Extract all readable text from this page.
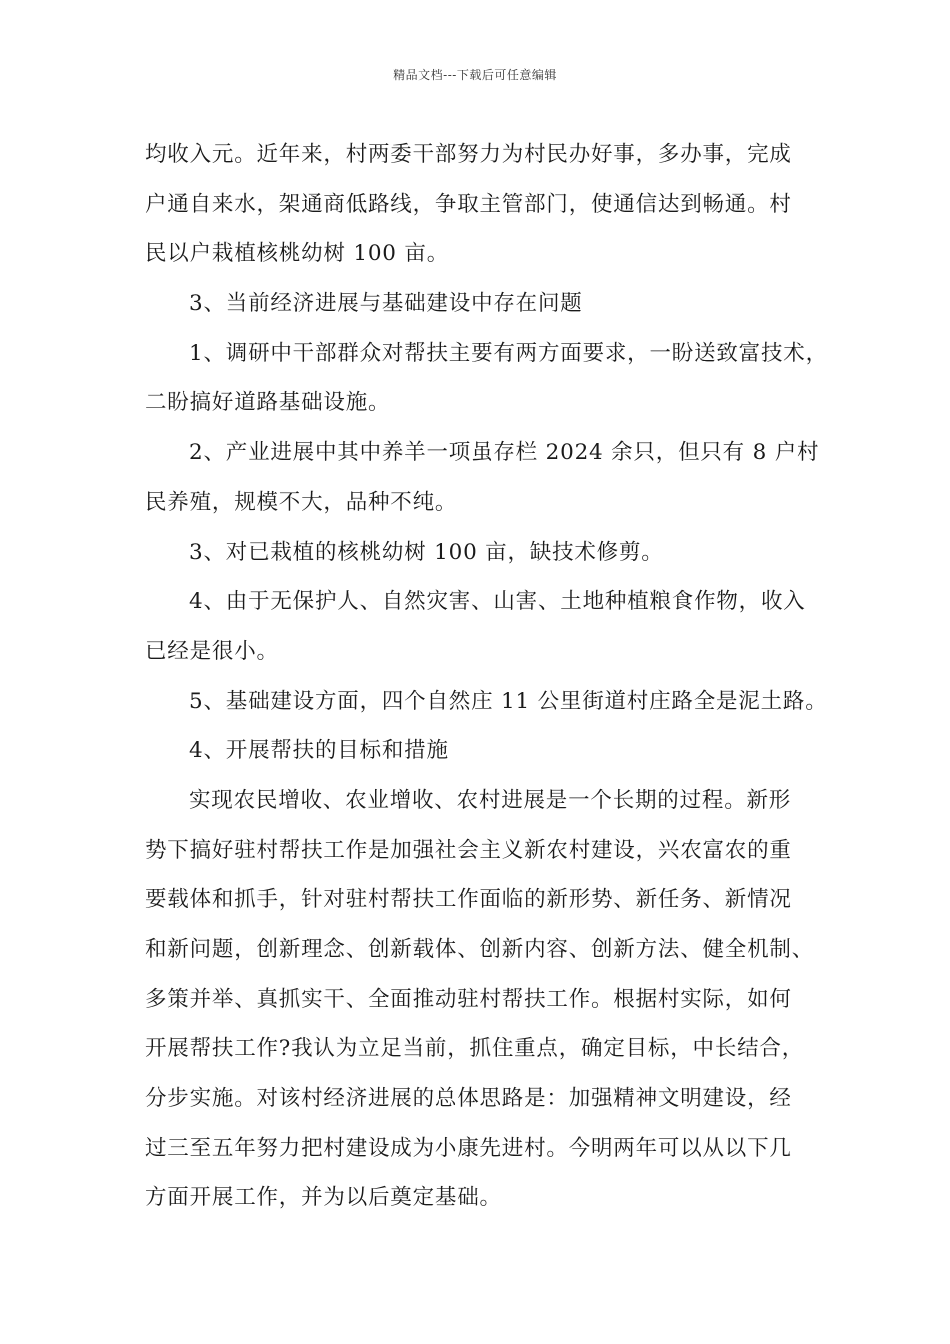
精品文档---下载后可任意编辑
均收入元。近年来，村两委干部努力为村民办好事，多办事，完成
户通自来水，架通商低路线，争取主管部门，使通信达到畅通。村
民以户栽植核桃幼树 100 亩。
3、当前经济进展与基础建设中存在问题
1、调研中干部群众对帮扶主要有两方面要求，一盼送致富技术，
二盼搞好道路基础设施。
2、产业进展中其中养羊一项虽存栏 2024 余只，但只有 8 户村
民养殖，规模不大，品种不纯。
3、对已栽植的核桃幼树 100 亩，缺技术修剪。
4、由于无保护人、自然灾害、山害、土地种植粮食作物，收入
已经是很小。
5、基础建设方面，四个自然庄 11 公里街道村庄路全是泥土路。
4、开展帮扶的目标和措施
实现农民增收、农业增收、农村进展是一个长期的过程。新形
势下搞好驻村帮扶工作是加强社会主义新农村建设，兴农富农的重
要载体和抓手，针对驻村帮扶工作面临的新形势、新任务、新情况
和新问题，创新理念、创新载体、创新内容、创新方法、健全机制、
多策并举、真抓实干、全面推动驻村帮扶工作。根据村实际，如何
开展帮扶工作?我认为立足当前，抓住重点，确定目标，中长结合，
分步实施。对该村经济进展的总体思路是：加强精神文明建设，经
过三至五年努力把村建设成为小康先进村。今明两年可以从以下几
方面开展工作，并为以后奠定基础。
